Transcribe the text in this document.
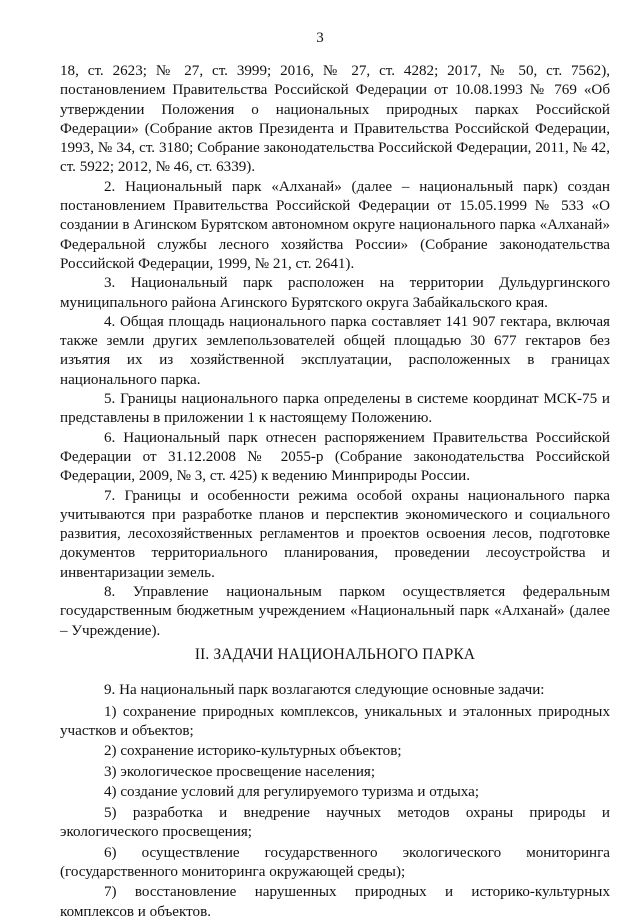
3

18, ст. 2623; № 27, ст. 3999; 2016, № 27, ст. 4282; 2017, № 50, ст. 7562), постановлением Правительства Российской Федерации от 10.08.1993 № 769 «Об утверждении Положения о национальных природных парках Российской Федерации» (Собрание актов Президента и Правительства Российской Федерации, 1993, № 34, ст. 3180; Собрание законодательства Российской Федерации, 2011, № 42, ст. 5922; 2012, № 46, ст. 6339).

2. Национальный парк «Алханай» (далее – национальный парк) создан постановлением Правительства Российской Федерации от 15.05.1999 № 533 «О создании в Агинском Бурятском автономном округе национального парка «Алханай» Федеральной службы лесного хозяйства России» (Собрание законодательства Российской Федерации, 1999, № 21, ст. 2641).

3. Национальный парк расположен на территории Дульдургинского муниципального района Агинского Бурятского округа Забайкальского края.

4. Общая площадь национального парка составляет 141 907 гектара, включая также земли других землепользователей общей площадью 30 677 гектаров без изъятия их из хозяйственной эксплуатации, расположенных в границах национального парка.

5. Границы национального парка определены в системе координат МСК-75 и представлены в приложении 1 к настоящему Положению.

6. Национальный парк отнесен распоряжением Правительства Российской Федерации от 31.12.2008 № 2055-р (Собрание законодательства Российской Федерации, 2009, № 3, ст. 425) к ведению Минприроды России.

7. Границы и особенности режима особой охраны национального парка учитываются при разработке планов и перспектив экономического и социального развития, лесохозяйственных регламентов и проектов освоения лесов, подготовке документов территориального планирования, проведении лесоустройства и инвентаризации земель.

8. Управление национальным парком осуществляется федеральным государственным бюджетным учреждением «Национальный парк «Алханай» (далее – Учреждение).

II. ЗАДАЧИ НАЦИОНАЛЬНОГО ПАРКА

9. На национальный парк возлагаются следующие основные задачи:

1) сохранение природных комплексов, уникальных и эталонных природных участков и объектов;

2) сохранение историко-культурных объектов;

3) экологическое просвещение населения;

4) создание условий для регулируемого туризма и отдыха;

5) разработка и внедрение научных методов охраны природы и экологического просвещения;

6) осуществление государственного экологического мониторинга (государственного мониторинга окружающей среды);

7) восстановление нарушенных природных и историко-культурных комплексов и объектов.
